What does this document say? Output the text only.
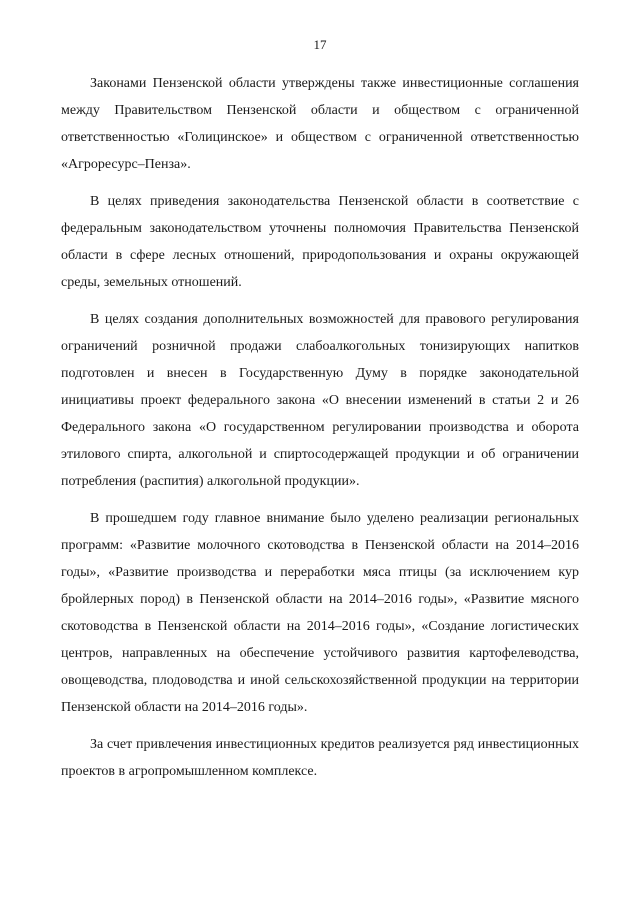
17

Законами Пензенской области утверждены также инвестиционные соглашения между Правительством Пензенской области и обществом с ограниченной ответственностью «Голицинское» и обществом с ограниченной ответственностью «Агроресурс–Пенза».

В целях приведения законодательства Пензенской области в соответствие с федеральным законодательством уточнены полномочия Правительства Пензенской области в сфере лесных отношений, природопользования и охраны окружающей среды, земельных отношений.

В целях создания дополнительных возможностей для правового регулирования ограничений розничной продажи слабоалкогольных тонизирующих напитков подготовлен и внесен в Государственную Думу в порядке законодательной инициативы проект федерального закона «О внесении изменений в статьи 2 и 26 Федерального закона «О государственном регулировании производства и оборота этилового спирта, алкогольной и спиртосодержащей продукции и об ограничении потребления (распития) алкогольной продукции».

В прошедшем году главное внимание было уделено реализации региональных программ: «Развитие молочного скотоводства в Пензенской области на 2014–2016 годы», «Развитие производства и переработки мяса птицы (за исключением кур бройлерных пород) в Пензенской области на 2014–2016 годы», «Развитие мясного скотоводства в Пензенской области на 2014–2016 годы», «Создание логистических центров, направленных на обеспечение устойчивого развития картофелеводства, овощеводства, плодоводства и иной сельскохозяйственной продукции на территории Пензенской области на 2014–2016 годы».

За счет привлечения инвестиционных кредитов реализуется ряд инвестиционных проектов в агропромышленном комплексе.
